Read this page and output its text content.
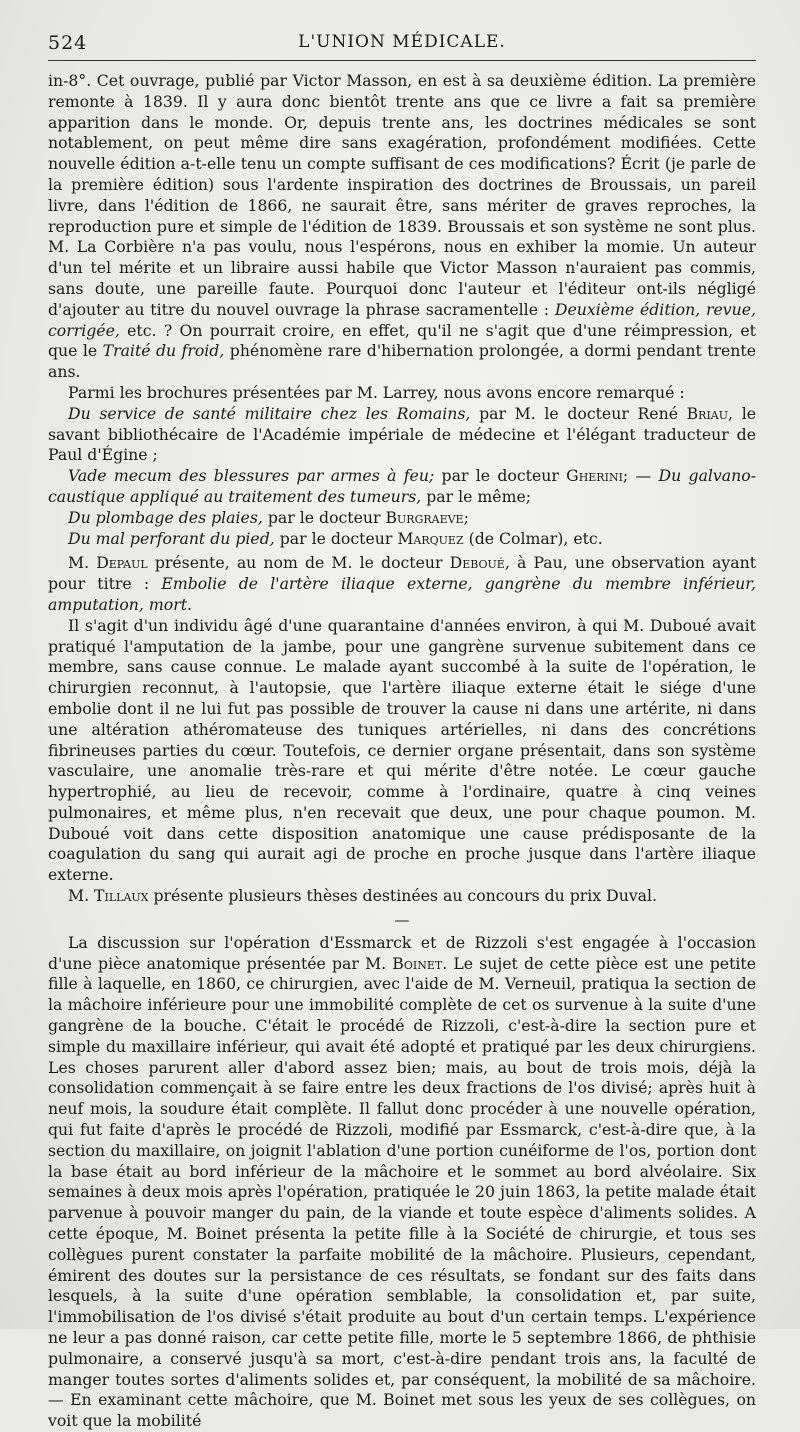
524	L'UNION MÉDICALE.

in-8°. Cet ouvrage, publié par Victor Masson, en est à sa deuxième édition. La première remonte à 1839. Il y aura donc bientôt trente ans que ce livre a fait sa première apparition dans le monde. Or, depuis trente ans, les doctrines médicales se sont notablement, on peut même dire sans exagération, profondément modifiées. Cette nouvelle édition a-t-elle tenu un compte suffisant de ces modifications? Écrit (je parle de la première édition) sous l'ardente inspiration des doctrines de Broussais, un pareil livre, dans l'édition de 1866, ne saurait être, sans mériter de graves reproches, la reproduction pure et simple de l'édition de 1839. Broussais et son système ne sont plus. M. La Corbière n'a pas voulu, nous l'espérons, nous en exhiber la momie. Un auteur d'un tel mérite et un libraire aussi habile que Victor Masson n'auraient pas commis, sans doute, une pareille faute. Pourquoi donc l'auteur et l'éditeur ont-ils négligé d'ajouter au titre du nouvel ouvrage la phrase sacramentelle : Deuxième édition, revue, corrigée, etc. ? On pourrait croire, en effet, qu'il ne s'agit que d'une réimpression, et que le Traité du froid, phénomène rare d'hibernation prolongée, a dormi pendant trente ans.

Parmi les brochures présentées par M. Larrey, nous avons encore remarqué :

Du service de santé militaire chez les Romains, par M. le docteur René Briau, le savant bibliothécaire de l'Académie impériale de médecine et l'élégant traducteur de Paul d'Égine ;

Vade mecum des blessures par armes à feu; par le docteur Gherini; — Du galvano-caustique appliqué au traitement des tumeurs, par le même;

Du plombage des plaies, par le docteur Burgraeve;

Du mal perforant du pied, par le docteur Marquez (de Colmar), etc.

M. Depaul présente, au nom de M. le docteur Deboué, à Pau, une observation ayant pour titre : Embolie de l'artère iliaque externe, gangrène du membre inférieur, amputation, mort.

Il s'agit d'un individu âgé d'une quarantaine d'années environ, à qui M. Duboué avait pratiqué l'amputation de la jambe, pour une gangrène survenue subitement dans ce membre, sans cause connue. Le malade ayant succombé à la suite de l'opération, le chirurgien reconnut, à l'autopsie, que l'artère iliaque externe était le siége d'une embolie dont il ne lui fut pas possible de trouver la cause ni dans une artérite, ni dans une altération athéromateuse des tuniques artérielles, ni dans des concrétions fibrineuses parties du cœur. Toutefois, ce dernier organe présentait, dans son système vasculaire, une anomalie très-rare et qui mérite d'être notée. Le cœur gauche hypertrophié, au lieu de recevoir, comme à l'ordinaire, quatre à cinq veines pulmonaires, et même plus, n'en recevait que deux, une pour chaque poumon. M. Duboué voit dans cette disposition anatomique une cause prédisposante de la coagulation du sang qui aurait agi de proche en proche jusque dans l'artère iliaque externe.

M. Tillaux présente plusieurs thèses destinées au concours du prix Duval.

—

La discussion sur l'opération d'Essmarck et de Rizzoli s'est engagée à l'occasion d'une pièce anatomique présentée par M. Boinet. Le sujet de cette pièce est une petite fille à laquelle, en 1860, ce chirurgien, avec l'aide de M. Verneuil, pratiqua la section de la mâchoire inférieure pour une immobilité complète de cet os survenue à la suite d'une gangrène de la bouche. C'était le procédé de Rizzoli, c'est-à-dire la section pure et simple du maxillaire inférieur, qui avait été adopté et pratiqué par les deux chirurgiens. Les choses parurent aller d'abord assez bien; mais, au bout de trois mois, déjà la consolidation commençait à se faire entre les deux fractions de l'os divisé; après huit à neuf mois, la soudure était complète. Il fallut donc procéder à une nouvelle opération, qui fut faite d'après le procédé de Rizzoli, modifié par Essmarck, c'est-à-dire que, à la section du maxillaire, on joignit l'ablation d'une portion cunéiforme de l'os, portion dont la base était au bord inférieur de la mâchoire et le sommet au bord alvéolaire. Six semaines à deux mois après l'opération, pratiquée le 20 juin 1863, la petite malade était parvenue à pouvoir manger du pain, de la viande et toute espèce d'aliments solides. A cette époque, M. Boinet présenta la petite fille à la Société de chirurgie, et tous ses collègues purent constater la parfaite mobilité de la mâchoire. Plusieurs, cependant, émirent des doutes sur la persistance de ces résultats, se fondant sur des faits dans lesquels, à la suite d'une opération semblable, la consolidation et, par suite, l'immobilisation de l'os divisé s'était produite au bout d'un certain temps. L'expérience ne leur a pas donné raison, car cette petite fille, morte le 5 septembre 1866, de phthisie pulmonaire, a conservé jusqu'à sa mort, c'est-à-dire pendant trois ans, la faculté de manger toutes sortes d'aliments solides et, par conséquent, la mobilité de sa mâchoire. — En examinant cette mâchoire, que M. Boinet met sous les yeux de ses collègues, on voit que la mobilité
